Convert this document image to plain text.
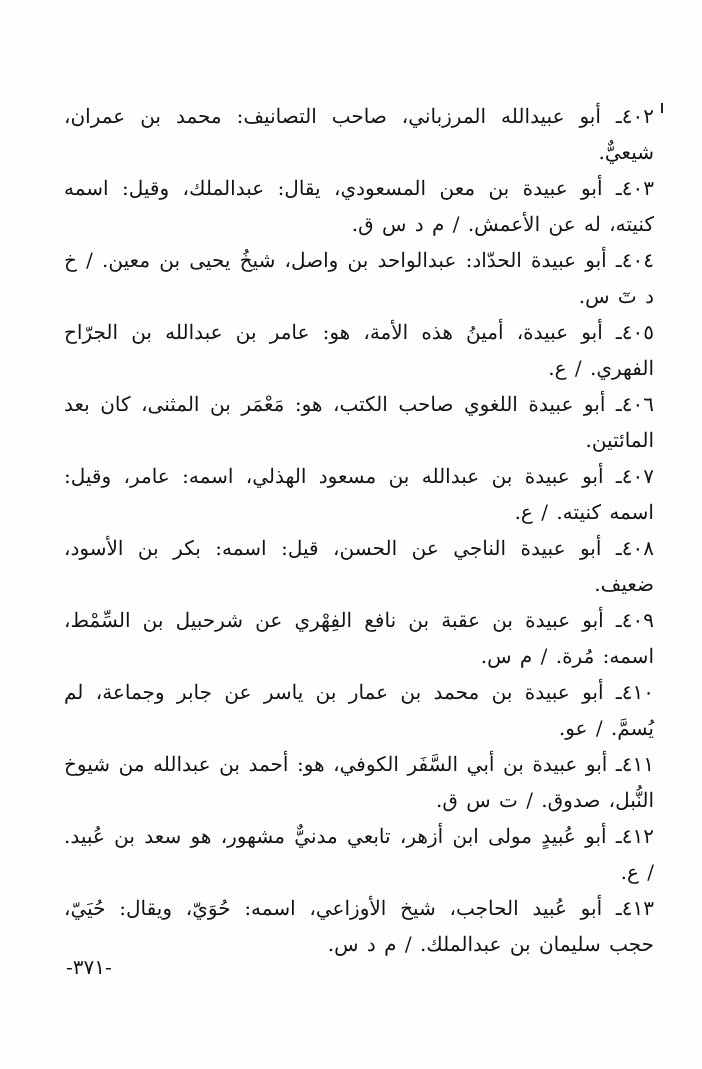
٤٠٢ـ أبو عبيدالله المرزباني، صاحب التصانيف: محمد بن عمران، شيعيٌّ.

٤٠٣ـ أبو عبيدة بن معن المسعودي، يقال: عبدالملك، وقيل: اسمه كنيته، له عن الأعمش. / م د س ق.

٤٠٤ـ أبو عبيدة الحدّاد: عبدالواحد بن واصل، شيخُ يحيى بن معين. / خ د تٓ س.

٤٠٥ـ أبو عبيدة، أمينُ هذه الأمة، هو: عامر بن عبدالله بن الجرّاح الفهري. / ع.

٤٠٦ـ أبو عبيدة اللغوي صاحب الكتب، هو: مَعْمَر بن المثنى، كان بعد المائتين.

٤٠٧ـ أبو عبيدة بن عبدالله بن مسعود الهذلي، اسمه: عامر، وقيل: اسمه كنيته. / ع.

٤٠٨ـ أبو عبيدة الناجي عن الحسن، قيل: اسمه: بكر بن الأسود، ضعيف.

٤٠٩ـ أبو عبيدة بن عقبة بن نافع الفِهْري عن شرحبيل بن السِّمْط، اسمه: مُرة. / م س.

٤١٠ـ أبو عبيدة بن محمد بن عمار بن ياسر عن جابر وجماعة، لم يُسمَّ. / عو.

٤١١ـ أبو عبيدة بن أبي السَّفَر الكوفي، هو: أحمد بن عبدالله من شيوخ النُّبل، صدوق. / ت س ق.

٤١٢ـ أبو عُبيدٍ مولى ابن أزهر، تابعي مدنيٌّ مشهور، هو سعد بن عُبيد. / ع.

٤١٣ـ أبو عُبيد الحاجب، شيخ الأوزاعي، اسمه: حُوَيّ، ويقال: حُيَيّ، حجب سليمان بن عبدالملك. / م د س.

-٣٧١-
